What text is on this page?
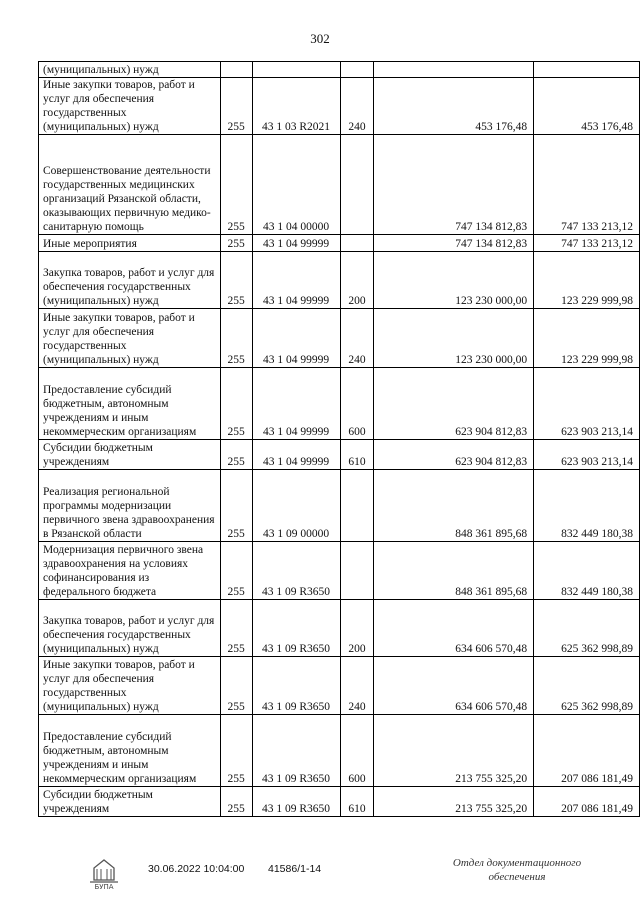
302
(муниципальных) нужд					
Иные закупки товаров, работ и услуг для обеспечения государственных (муниципальных) нужд	255	43 1 03 R2021	240	453 176,48	453 176,48
Совершенствование деятельности государственных медицинских организаций Рязанской области, оказывающих первичную медико-санитарную помощь	255	43 1 04 00000		747 134 812,83	747 133 213,12
Иные мероприятия	255	43 1 04 99999		747 134 812,83	747 133 213,12
Закупка товаров, работ и услуг для обеспечения государственных (муниципальных) нужд	255	43 1 04 99999	200	123 230 000,00	123 229 999,98
Иные закупки товаров, работ и услуг для обеспечения государственных (муниципальных) нужд	255	43 1 04 99999	240	123 230 000,00	123 229 999,98
Предоставление субсидий бюджетным, автономным учреждениям и иным некоммерческим организациям	255	43 1 04 99999	600	623 904 812,83	623 903 213,14
Субсидии бюджетным учреждениям	255	43 1 04 99999	610	623 904 812,83	623 903 213,14
Реализация региональной программы модернизации первичного звена здравоохранения в Рязанской области	255	43 1 09 00000		848 361 895,68	832 449 180,38
Модернизация первичного звена здравоохранения на условиях софинансирования из федерального бюджета	255	43 1 09 R3650		848 361 895,68	832 449 180,38
Закупка товаров, работ и услуг для обеспечения государственных (муниципальных) нужд	255	43 1 09 R3650	200	634 606 570,48	625 362 998,89
Иные закупки товаров, работ и услуг для обеспечения государственных (муниципальных) нужд	255	43 1 09 R3650	240	634 606 570,48	625 362 998,89
Предоставление субсидий бюджетным, автономным учреждениям и иным некоммерческим организациям	255	43 1 09 R3650	600	213 755 325,20	207 086 181,49
Субсидии бюджетным учреждениям	255	43 1 09 R3650	610	213 755 325,20	207 086 181,49
БУПА
30.06.2022 10:04:00 41586/1-14	Отдел документационного
обеспечения
